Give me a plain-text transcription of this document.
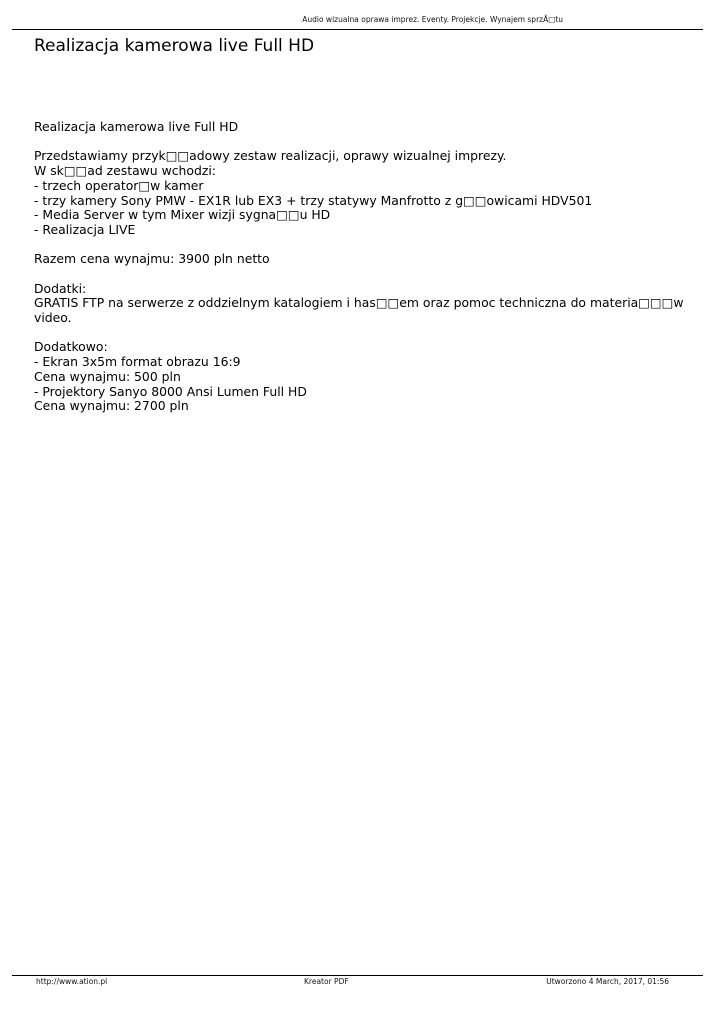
Audio wizualna oprawa imprez. Eventy. Projekcje. Wynajem sprzĂ□tu
Realizacja kamerowa live Full HD
Realizacja kamerowa live Full HD
Przedstawiamy przyk□□adowy zestaw realizacji, oprawy wizualnej imprezy.
W sk□□ad zestawu wchodzi:
- trzech operator□w kamer
- trzy kamery Sony PMW - EX1R lub EX3 + trzy statywy Manfrotto z g□□owicami HDV501
- Media Server w tym Mixer wizji sygna□□u HD
- Realizacja LIVE
Razem cena wynajmu: 3900 pln netto
Dodatki:
GRATIS FTP na serwerze z oddzielnym katalogiem i has□□em oraz pomoc techniczna do materia□□□w
video.
Dodatkowo:
- Ekran 3x5m format obrazu 16:9
Cena wynajmu: 500 pln
- Projektory Sanyo 8000 Ansi Lumen Full HD
Cena wynajmu: 2700 pln
http://www.ation.pl	Kreator PDF	Utworzono 4 March, 2017, 01:56
